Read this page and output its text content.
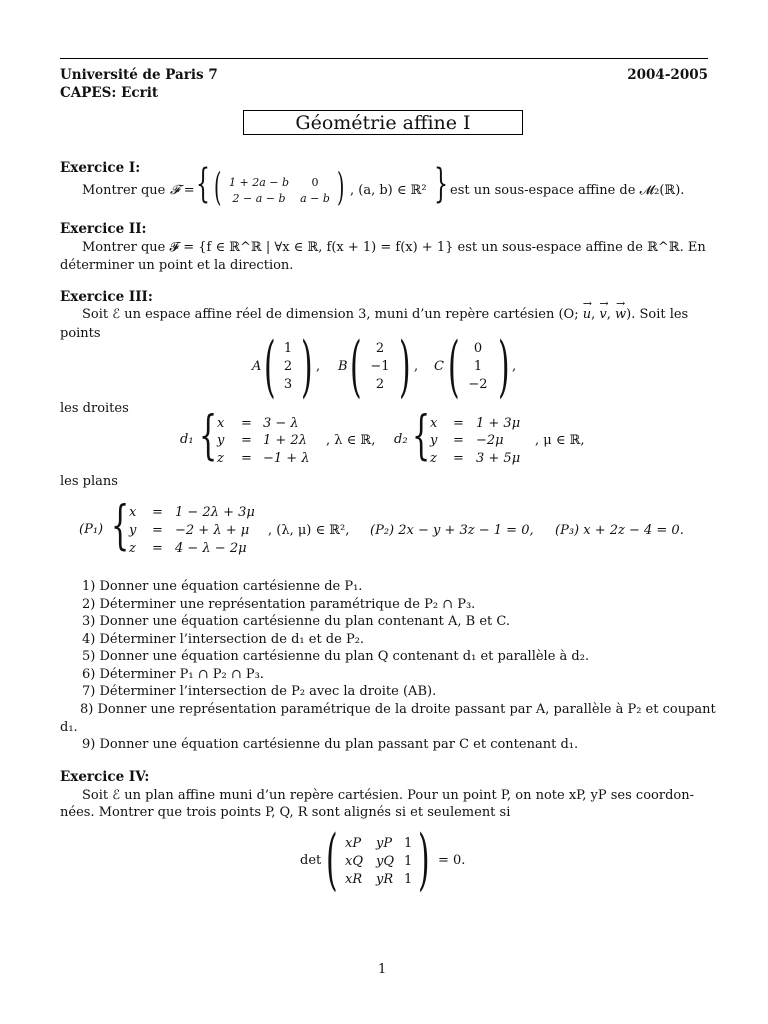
Université de Paris 7
CAPES: Ecrit
2004-2005
Géométrie affine I
Exercice I:
Montrer que 𝓕 = { ( 1 + 2a − b	0
2 − a − b	a − b ) , (a, b) ∈ ℝ² } est un sous-espace affine de 𝓜₂(ℝ).
Exercice II:
Montrer que 𝓕 = {f ∈ ℝ^ℝ | ∀x ∈ ℝ, f(x + 1) = f(x) + 1} est un sous-espace affine de ℝ^ℝ. En
déterminer un point et la direction.
Exercice III:
Soit ℰ un espace affine réel de dimension 3, muni d’un repère cartésien (O; → u, → v, → w). Soit les
points
A ( 1
2
3 ) , B (	2
−1
2 ) , C (	0
1
−2 ) ,
les droites
d₁ { x = 3 − λ
y = 1 + 2λ
z = −1 + λ
, λ ∈ ℝ, d₂ { x = 1 + 3μ
y = −2μ
z = 3 + 5μ
, μ ∈ ℝ,
les plans
(P₁) { x = 1 − 2λ + 3μ
y = −2 + λ + μ
z = 4 − λ − 2μ
, (λ, μ) ∈ ℝ², (P₂) 2x − y + 3z − 1 = 0, (P₃) x + 2z − 4 = 0.
1) Donner une équation cartésienne de P₁.
2) Déterminer une représentation paramétrique de P₂ ∩ P₃.
3) Donner une équation cartésienne du plan contenant A, B et C.
4) Déterminer l’intersection de d₁ et de P₂.
5) Donner une équation cartésienne du plan Q contenant d₁ et parallèle à d₂.
6) Déterminer P₁ ∩ P₂ ∩ P₃.
7) Déterminer l’intersection de P₂ avec la droite (AB).
8) Donner une représentation paramétrique de la droite passant par A, parallèle à P₂ et coupant
d₁.
9) Donner une équation cartésienne du plan passant par C et contenant d₁.
Exercice IV:
Soit ℰ un plan affine muni d’un repère cartésien. Pour un point P, on note xP, yP ses coordon-
nées. Montrer que trois points P, Q, R sont alignés si et seulement si
det ( xP yP 1
xQ yQ 1
xR yR 1 ) = 0.
1
